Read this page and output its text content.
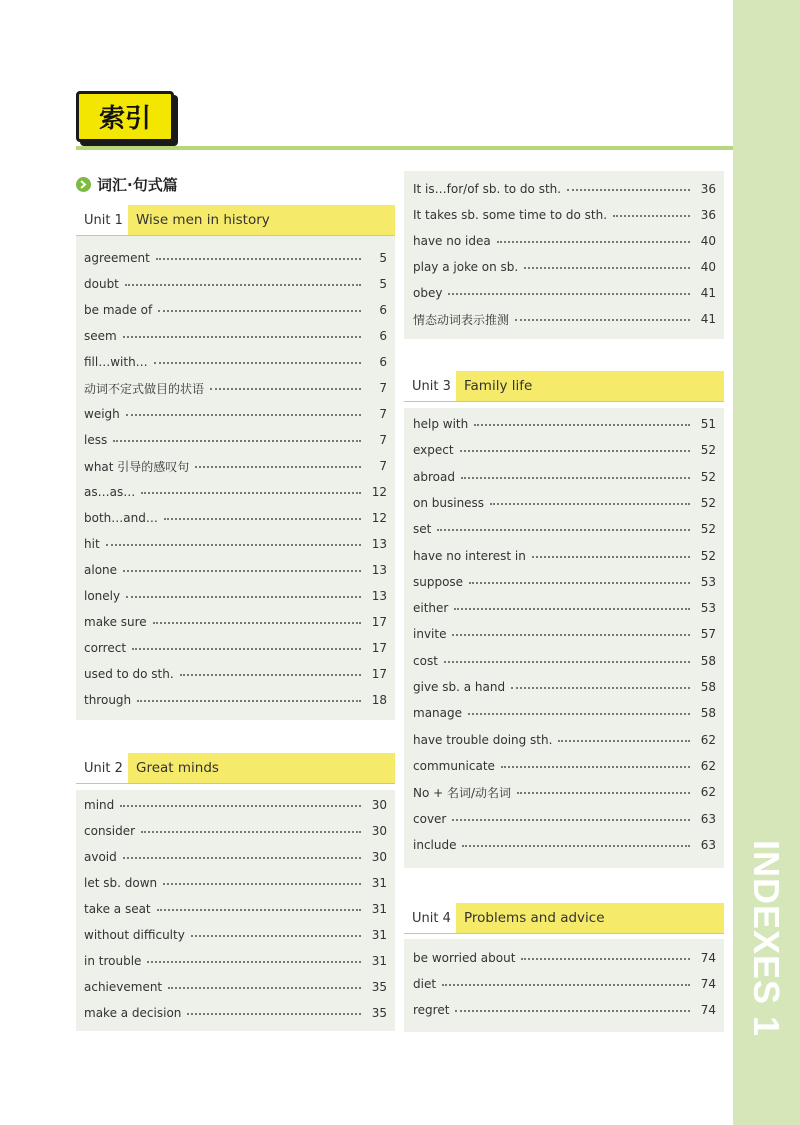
INDEXES 1
索引
词汇·句式篇
Unit 1 Wise men in history
agreement	5
doubt	5
be made of	6
seem	6
fill…with…	6
动词不定式做目的状语	7
weigh	7
less	7
what 引导的感叹句	7
as…as…	12
both…and…	12
hit	13
alone	13
lonely	13
make sure	17
correct	17
used to do sth.	17
through	18
Unit 2 Great minds
mind	30
consider	30
avoid	30
let sb. down	31
take a seat	31
without difficulty	31
in trouble	31
achievement	35
make a decision	35
It is…for/of sb. to do sth.	36
It takes sb. some time to do sth.	36
have no idea	40
play a joke on sb.	40
obey	41
情态动词表示推测	41
Unit 3 Family life
help with	51
expect	52
abroad	52
on business	52
set	52
have no interest in	52
suppose	53
either	53
invite	57
cost	58
give sb. a hand	58
manage	58
have trouble doing sth.	62
communicate	62
No + 名词/动名词	62
cover	63
include	63
Unit 4 Problems and advice
be worried about	74
diet	74
regret	74
